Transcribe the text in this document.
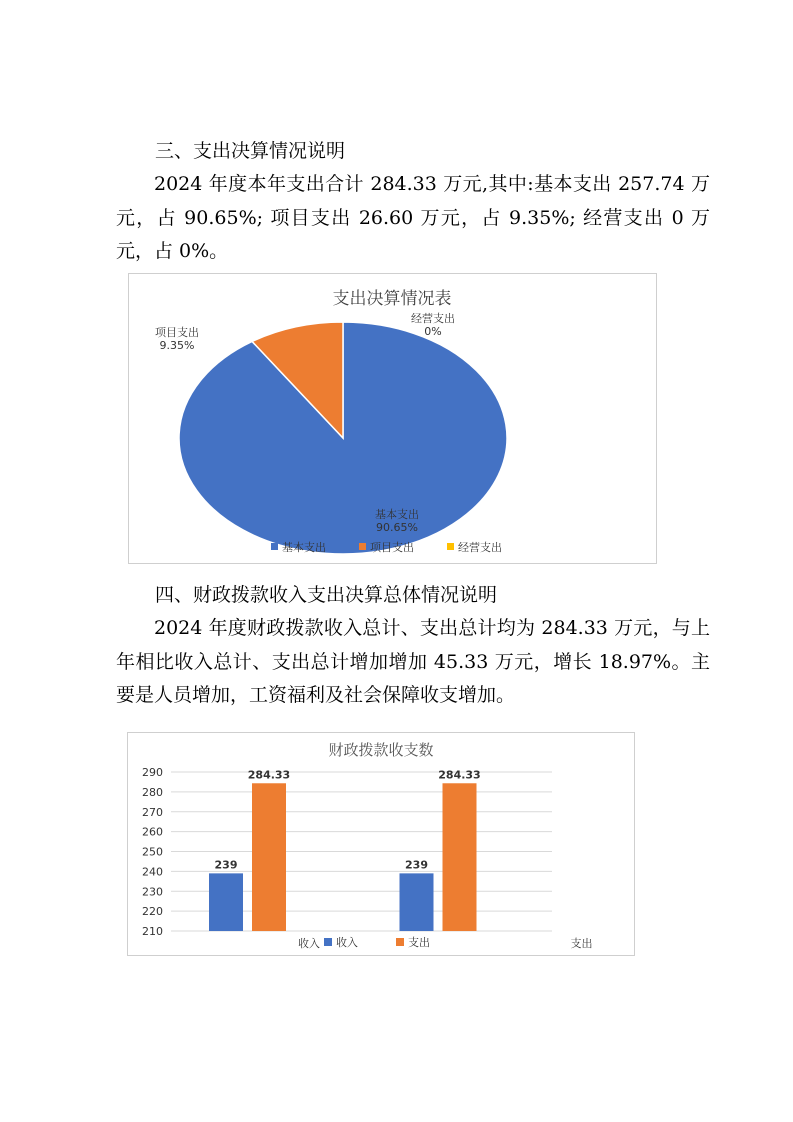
三、支出决算情况说明
2024 年度本年支出合计 284.33 万元,其中:基本支出 257.74 万元，占 90.65%; 项目支出 26.60 万元，占 9.35%; 经营支出 0 万元，占 0%。
支出决算情况表
基本支出
90.65%
项目支出
9.35%
经营支出
0%
基本支出	项目支出	经营支出
四、财政拨款收入支出决算总体情况说明
2024 年度财政拨款收入总计、支出总计均为 284.33 万元，与上年相比收入总计、支出总计增加增加 45.33 万元，增长 18.97%。主要是人员增加，工资福利及社会保障收支增加。
财政拨款收支数
210
220
230
240
250
260
270
280
290
239
284.33
收入
239
284.33
支出
收入	支出
